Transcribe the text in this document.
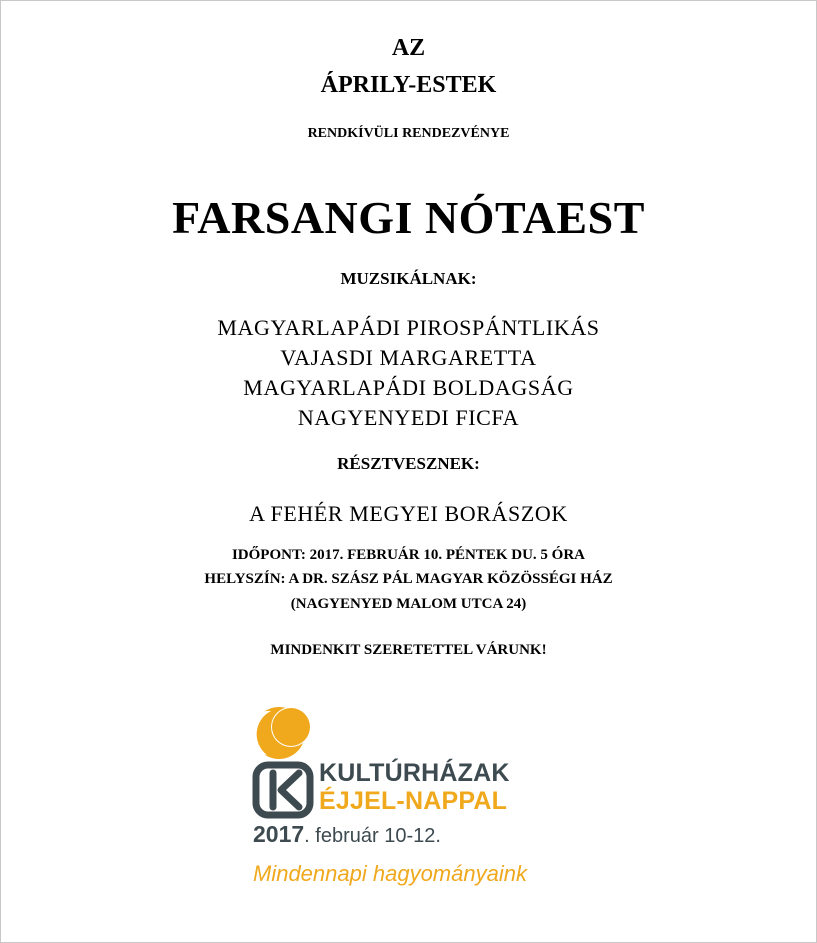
AZ
ÁPRILY-ESTEK
RENDKÍVÜLI RENDEZVÉNYE
FARSANGI NÓTAEST
MUZSIKÁLNAK:
MAGYARLAPÁDI PIROSPÁNTLIKÁS
VAJASDI MARGARETTA
MAGYARLAPÁDI BOLDAGSÁG
NAGYENYEDI FICFA
RÉSZTVESZNEK:
A FEHÉR MEGYEI BORÁSZOK
IDŐPONT: 2017. FEBRUÁR 10. PÉNTEK DU. 5 ÓRA
HELYSZÍN: A DR. SZÁSZ PÁL MAGYAR KÖZÖSSÉGI HÁZ
(NAGYENYED MALOM UTCA 24)
MINDENKIT SZERETETTEL VÁRUNK!
KULTÚRHÁZAK
ÉJJEL-NAPPAL
2017. február 10-12.
Mindennapi hagyományaink
